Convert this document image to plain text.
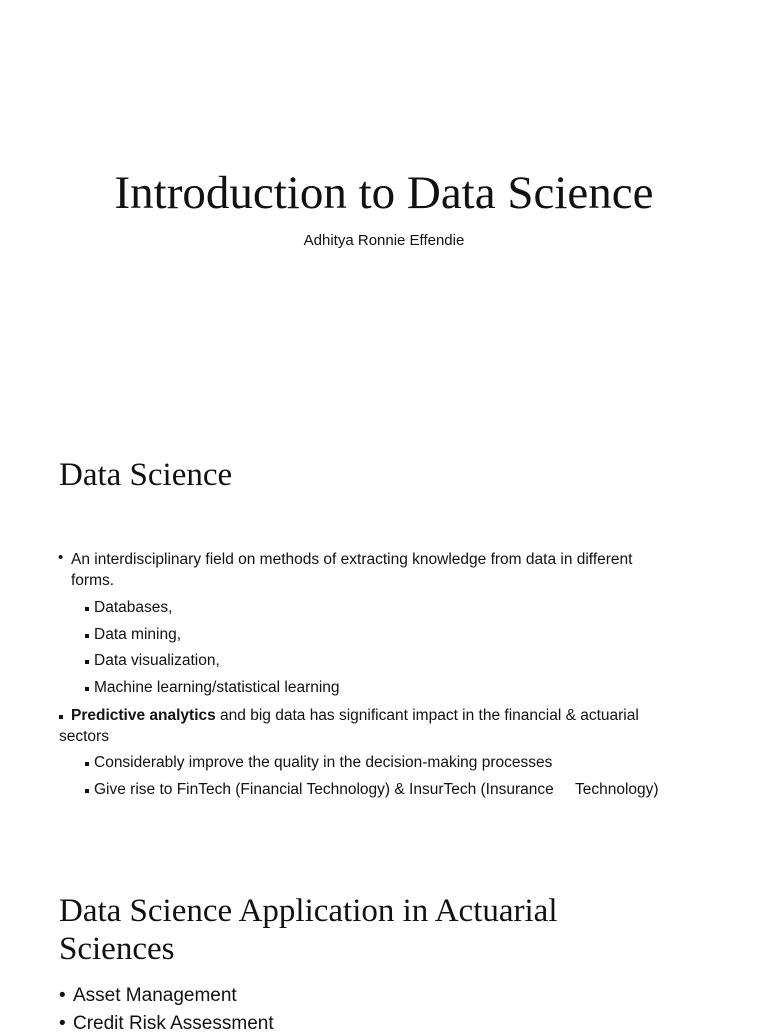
Introduction to Data Science
Adhitya Ronnie Effendie
Data Science
• An interdisciplinary field on methods of extracting knowledge from data in different
forms.
Databases,
Data mining,
Data visualization,
Machine learning/statistical learning
Predictive analytics and big data has significant impact in the financial & actuarial
sectors
Considerably improve the quality in the decision-making processes
Give rise to FinTech (Financial Technology) & InsurTech (Insurance     Technology)
Data Science Application in Actuarial
Sciences
• Asset Management
• Credit Risk Assessment
